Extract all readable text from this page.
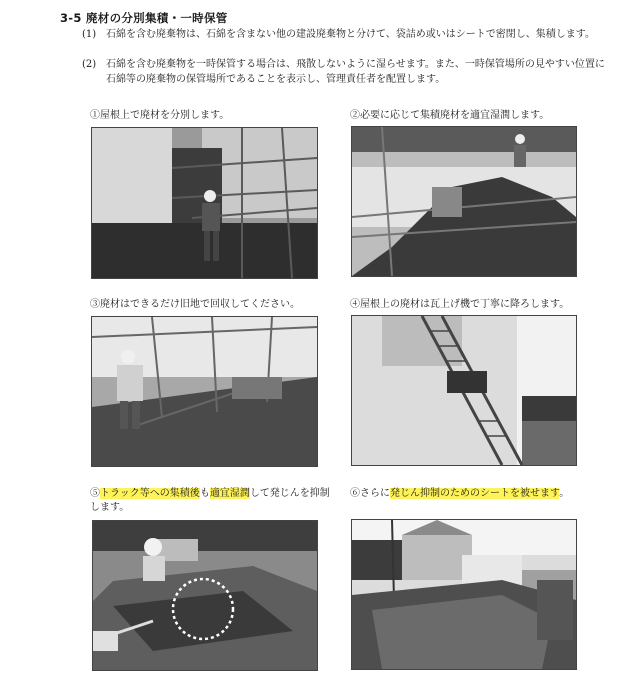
3-5 廃材の分別集積・一時保管
(1) 石綿を含む廃棄物は、石綿を含まない他の建設廃棄物と分けて、袋詰め或いはシートで密閉し、集積します。
(2) 石綿を含む廃棄物を一時保管する場合は、飛散しないように湿らせます。また、一時保管場所の見やすい位置に石綿等の廃棄物の保管場所であることを表示し、管理責任者を配置します。
①屋根上で廃材を分別します。	②必要に応じて集積廃材を適宜湿潤します。
③廃材はできるだけ旧地で回収してください。	④屋根上の廃材は瓦上げ機で丁寧に降ろします。
⑤トラック等への集積後も適宜湿潤して発じんを抑制します。
⑥さらに発じん抑制のためのシートを被せます。
